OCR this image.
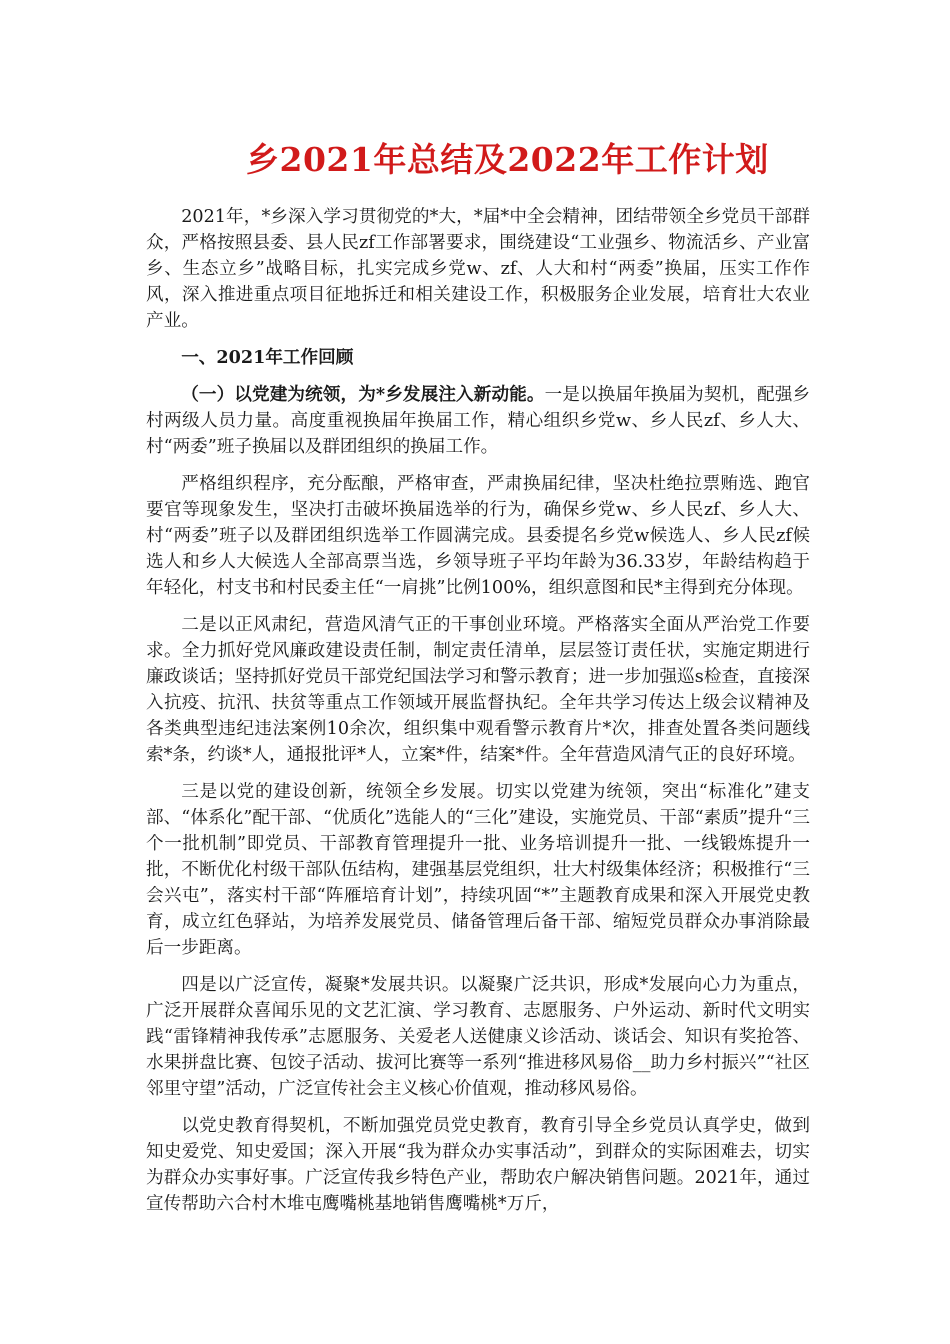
乡2021年总结及2022年工作计划

2021年，*乡深入学习贯彻党的*大，*届*中全会精神，团结带领全乡党员干部群众，严格按照县委、县人民zf工作部署要求，围绕建设“工业强乡、物流活乡、产业富乡、生态立乡”战略目标，扎实完成乡党w、zf、人大和村“两委”换届，压实工作作风，深入推进重点项目征地拆迁和相关建设工作，积极服务企业发展，培育壮大农业产业。

一、2021年工作回顾

（一）以党建为统领，为*乡发展注入新动能。一是以换届年换届为契机，配强乡村两级人员力量。高度重视换届年换届工作，精心组织乡党w、乡人民zf、乡人大、村“两委”班子换届以及群团组织的换届工作。

严格组织程序，充分酝酿，严格审查，严肃换届纪律，坚决杜绝拉票贿选、跑官要官等现象发生，坚决打击破坏换届选举的行为，确保乡党w、乡人民zf、乡人大、村“两委”班子以及群团组织选举工作圆满完成。县委提名乡党w候选人、乡人民zf候选人和乡人大候选人全部高票当选，乡领导班子平均年龄为36.33岁，年龄结构趋于年轻化，村支书和村民委主任“一肩挑”比例100%，组织意图和民*主得到充分体现。

二是以正风肃纪，营造风清气正的干事创业环境。严格落实全面从严治党工作要求。全力抓好党风廉政建设责任制，制定责任清单，层层签订责任状，实施定期进行廉政谈话；坚持抓好党员干部党纪国法学习和警示教育；进一步加强巡s检查，直接深入抗疫、抗汛、扶贫等重点工作领域开展监督执纪。全年共学习传达上级会议精神及各类典型违纪违法案例10余次，组织集中观看警示教育片*次，排查处置各类问题线索*条，约谈*人，通报批评*人，立案*件，结案*件。全年营造风清气正的良好环境。

三是以党的建设创新，统领全乡发展。切实以党建为统领，突出“标准化”建支部、“体系化”配干部、“优质化”选能人的“三化”建设，实施党员、干部“素质”提升“三个一批机制”即党员、干部教育管理提升一批、业务培训提升一批、一线锻炼提升一批，不断优化村级干部队伍结构，建强基层党组织，壮大村级集体经济；积极推行“三会兴屯”，落实村干部“阵雁培育计划”，持续巩固“*”主题教育成果和深入开展党史教育，成立红色驿站，为培养发展党员、储备管理后备干部、缩短党员群众办事消除最后一步距离。

四是以广泛宣传，凝聚*发展共识。以凝聚广泛共识，形成*发展向心力为重点，广泛开展群众喜闻乐见的文艺汇演、学习教育、志愿服务、户外运动、新时代文明实践“雷锋精神我传承”志愿服务、关爱老人送健康义诊活动、谈话会、知识有奖抢答、水果拼盘比赛、包饺子活动、拔河比赛等一系列“推进移风易俗__助力乡村振兴”“社区邻里守望”活动，广泛宣传社会主义核心价值观，推动移风易俗。

以党史教育得契机，不断加强党员党史教育，教育引导全乡党员认真学史，做到知史爱党、知史爱国；深入开展“我为群众办实事活动”，到群众的实际困难去，切实为群众办实事好事。广泛宣传我乡特色产业，帮助农户解决销售问题。2021年，通过宣传帮助六合村木堆屯鹰嘴桃基地销售鹰嘴桃*万斤，
